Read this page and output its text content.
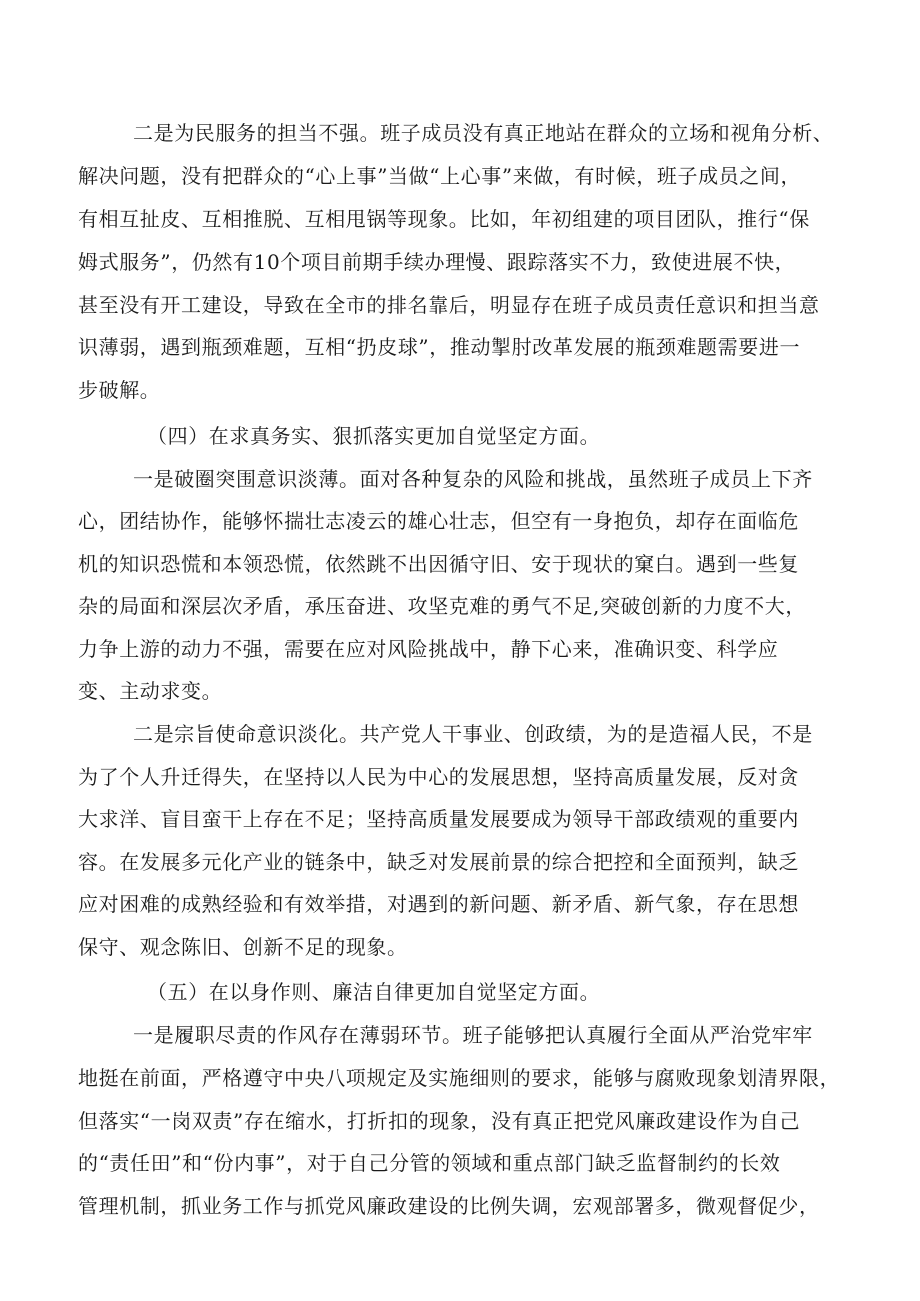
二是为民服务的担当不强。班子成员没有真正地站在群众的立场和视角分析、
解决问题，没有把群众的“心上事”当做“上心事”来做，有时候，班子成员之间，
有相互扯皮、互相推脱、互相甩锅等现象。比如，年初组建的项目团队，推行“保
姆式服务”，仍然有10个项目前期手续办理慢、跟踪落实不力，致使进展不快，
甚至没有开工建设，导致在全市的排名靠后，明显存在班子成员责任意识和担当意
识薄弱，遇到瓶颈难题，互相“扔皮球”，推动掣肘改革发展的瓶颈难题需要进一
步破解。
（四）在求真务实、狠抓落实更加自觉坚定方面。
一是破圈突围意识淡薄。面对各种复杂的风险和挑战，虽然班子成员上下齐
心，团结协作，能够怀揣壮志凌云的雄心壮志，但空有一身抱负，却存在面临危
机的知识恐慌和本领恐慌，依然跳不出因循守旧、安于现状的窠白。遇到一些复
杂的局面和深层次矛盾，承压奋进、攻坚克难的勇气不足,突破创新的力度不大，
力争上游的动力不强，需要在应对风险挑战中，静下心来，准确识变、科学应
变、主动求变。
二是宗旨使命意识淡化。共产党人干事业、创政绩，为的是造福人民，不是
为了个人升迁得失，在坚持以人民为中心的发展思想，坚持高质量发展，反对贪
大求洋、盲目蛮干上存在不足；坚持高质量发展要成为领导干部政绩观的重要内
容。在发展多元化产业的链条中，缺乏对发展前景的综合把控和全面预判，缺乏
应对困难的成熟经验和有效举措，对遇到的新问题、新矛盾、新气象，存在思想
保守、观念陈旧、创新不足的现象。
（五）在以身作则、廉洁自律更加自觉坚定方面。
一是履职尽责的作风存在薄弱环节。班子能够把认真履行全面从严治党牢牢
地挺在前面，严格遵守中央八项规定及实施细则的要求，能够与腐败现象划清界限，
但落实“一岗双责”存在缩水，打折扣的现象，没有真正把党风廉政建设作为自己
的“责任田”和“份内事”，对于自己分管的领域和重点部门缺乏监督制约的长效
管理机制，抓业务工作与抓党风廉政建设的比例失调，宏观部署多，微观督促少，
